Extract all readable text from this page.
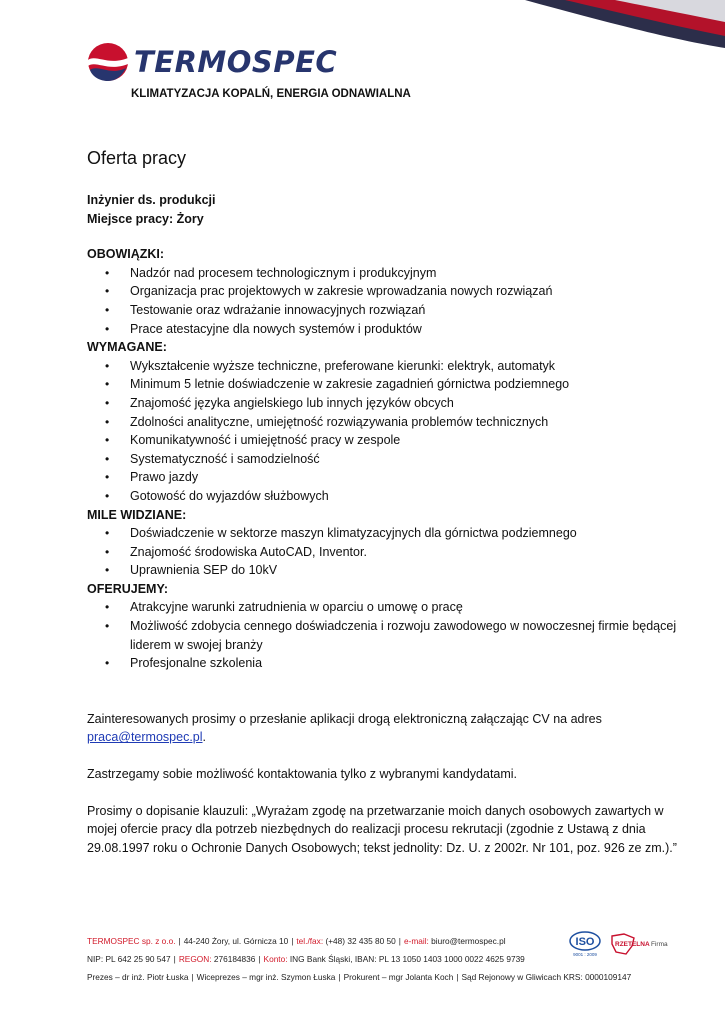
TERMOSPEC
KLIMATYZACJA KOPALŃ, ENERGIA ODNAWIALNA
Oferta pracy
Inżynier ds. produkcji
Miejsce pracy: Żory
OBOWIĄZKI:
• Nadzór nad procesem technologicznym i produkcyjnym
• Organizacja prac projektowych w zakresie wprowadzania nowych rozwiązań
• Testowanie oraz wdrażanie innowacyjnych rozwiązań
• Prace atestacyjne dla nowych systemów i produktów
WYMAGANE:
• Wykształcenie wyższe techniczne, preferowane kierunki: elektryk, automatyk
• Minimum 5 letnie doświadczenie w zakresie zagadnień górnictwa podziemnego
• Znajomość języka angielskiego lub innych języków obcych
• Zdolności analityczne, umiejętność rozwiązywania problemów technicznych
• Komunikatywność i umiejętność pracy w zespole
• Systematyczność i samodzielność
• Prawo jazdy
• Gotowość do wyjazdów służbowych
MILE WIDZIANE:
• Doświadczenie w sektorze maszyn klimatyzacyjnych dla górnictwa podziemnego
• Znajomość środowiska AutoCAD, Inventor.
• Uprawnienia SEP do 10kV
OFERUJEMY:
• Atrakcyjne warunki zatrudnienia w oparciu o umowę o pracę
• Możliwość zdobycia cennego doświadczenia i rozwoju zawodowego w nowoczesnej firmie będącej liderem w swojej branży
• Profesjonalne szkolenia
Zainteresowanych prosimy o przesłanie aplikacji drogą elektroniczną załączając CV na adres
praca@termospec.pl.
Zastrzegamy sobie możliwość kontaktowania tylko z wybranymi kandydatami.
Prosimy o dopisanie klauzuli: „Wyrażam zgodę na przetwarzanie moich danych osobowych zawartych w mojej ofercie pracy dla potrzeb niezbędnych do realizacji procesu rekrutacji (zgodnie z Ustawą z dnia 29.08.1997 roku o Ochronie Danych Osobowych; tekst jednolity: Dz. U. z 2002r. Nr 101, poz. 926 ze zm.).”
TERMOSPEC sp. z o.o. | 44-240 Żory, ul. Górnicza 10 | tel./fax: (+48) 32 435 80 50 | e-mail: biuro@termospec.pl
NIP: PL 642 25 90 547 | REGON: 276184836 | Konto: ING Bank Śląski, IBAN: PL 13 1050 1403 1000 0022 4625 9739
Prezes – dr inż. Piotr Łuska | Wiceprezes – mgr inż. Szymon Łuska | Prokurent – mgr Jolanta Koch | Sąd Rejonowy w Gliwicach KRS: 0000109147
ISO
9001 : 2009
RZETELNA Firma
